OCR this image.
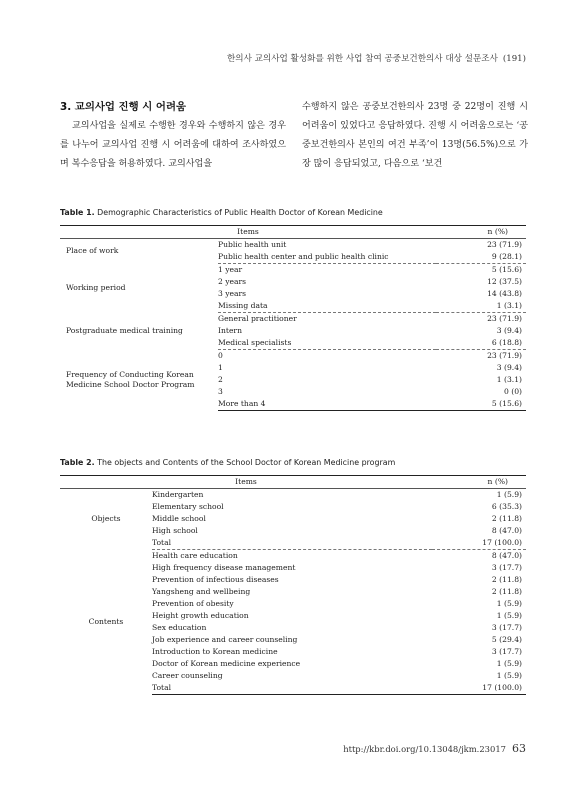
한의사 교의사업 활성화를 위한 사업 참여 공중보건한의사 대상 설문조사 (191)
3. 교의사업 진행 시 어려움

교의사업을 실제로 수행한 경우와 수행하지 않은 경우를 나누어 교의사업 진행 시 어려움에 대하여 조사하였으며 복수응답을 허용하였다. 교의사업을

수행하지 않은 공중보건한의사 23명 중 22명이 진행 시 어려움이 있었다고 응답하였다. 진행 시 어려움으로는 ‘공중보건한의사 본인의 여건 부족’이 13명(56.5%)으로 가장 많이 응답되었고, 다음으로 ‘보건

Table 1. Demographic Characteristics of Public Health Doctor of Korean Medicine
Items		n (%)
Place of work	Public health unit	23 (71.9)
	Public health center and public health clinic	9 (28.1)
Working period	1 year	5 (15.6)
	2 years	12 (37.5)
	3 years	14 (43.8)
	Missing data	1 (3.1)
Postgraduate medical training	General practitioner	23 (71.9)
	Intern	3 (9.4)
	Medical specialists	6 (18.8)
Frequency of Conducting Korean Medicine School Doctor Program	0	23 (71.9)
	1	3 (9.4)
	2	1 (3.1)
	3	0 (0)
	More than 4	5 (15.6)
Table 2. The objects and Contents of the School Doctor of Korean Medicine program
Items		n (%)
Objects	Kindergarten	1 (5.9)
	Elementary school	6 (35.3)
	Middle school	2 (11.8)
	High school	8 (47.0)
	Total	17 (100.0)
Contents	Health care education	8 (47.0)
	High frequency disease management	3 (17.7)
	Prevention of infectious diseases	2 (11.8)
	Yangsheng and wellbeing	2 (11.8)
	Prevention of obesity	1 (5.9)
	Height growth education	1 (5.9)
	Sex education	3 (17.7)
	Job experience and career counseling	5 (29.4)
	Introduction to Korean medicine	3 (17.7)
	Doctor of Korean medicine experience	1 (5.9)
	Career counseling	1 (5.9)
	Total	17 (100.0)
http://kbr.doi.org/10.13048/jkm.23017 63
